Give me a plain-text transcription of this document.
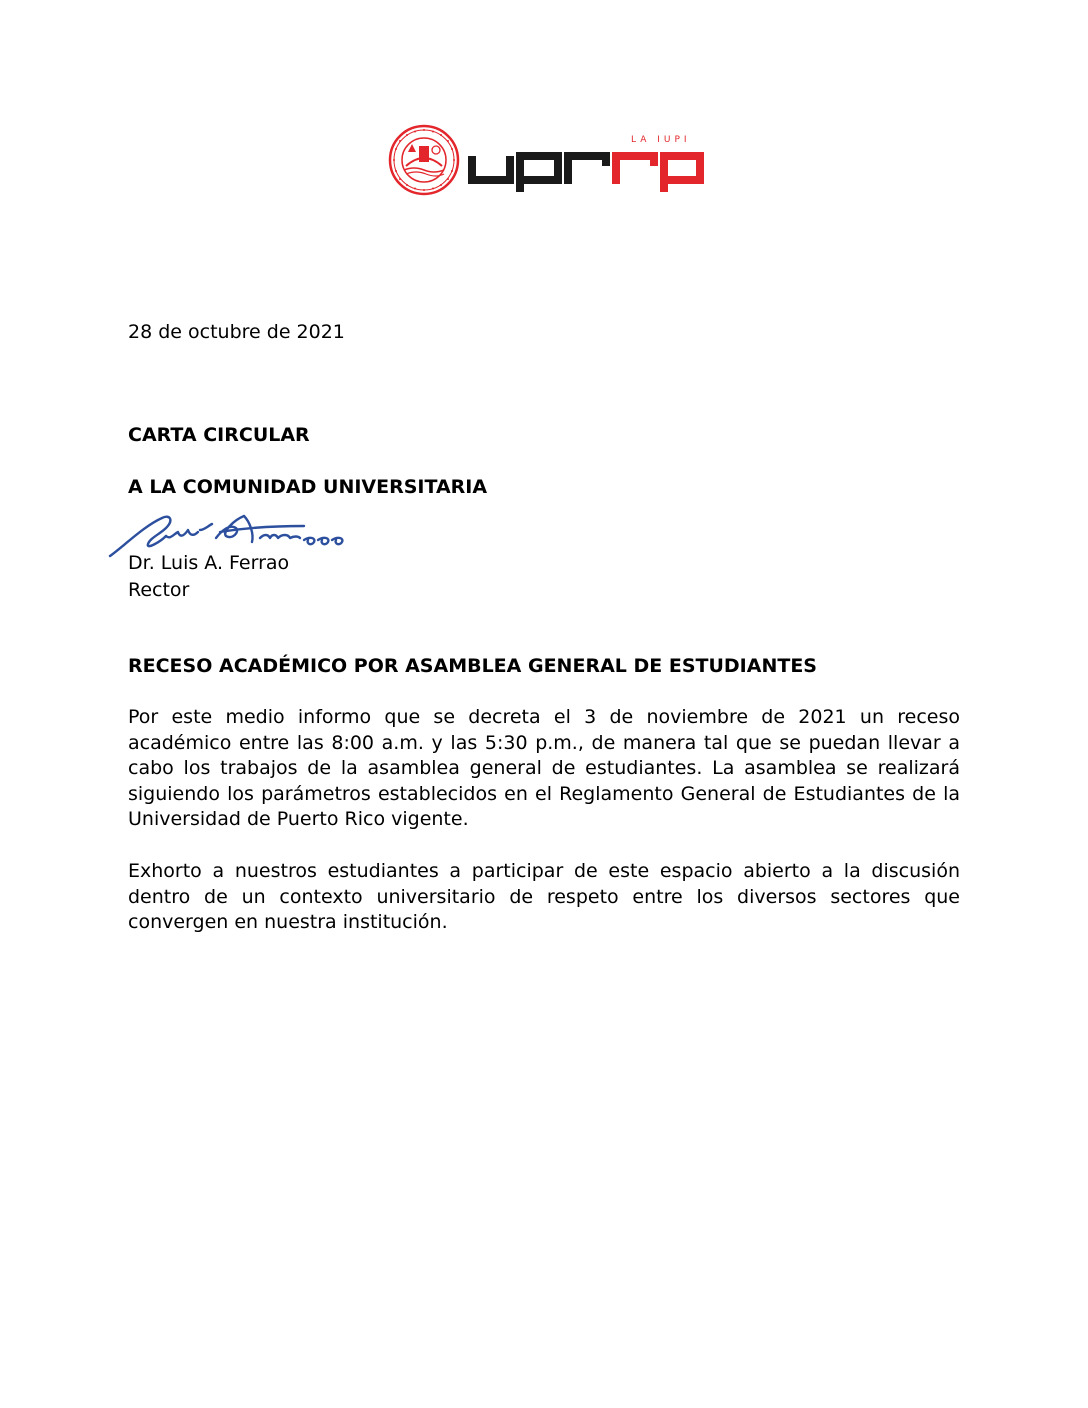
LA IUPI
28 de octubre de 2021
CARTA CIRCULAR
A LA COMUNIDAD UNIVERSITARIA
Dr. Luis A. Ferrao
Rector
RECESO ACADÉMICO POR ASAMBLEA GENERAL DE ESTUDIANTES
Por este medio informo que se decreta el 3 de noviembre de 2021 un receso académico entre las 8:00 a.m. y las 5:30 p.m., de manera tal que se puedan llevar a cabo los trabajos de la asamblea general de estudiantes. La asamblea se realizará siguiendo los parámetros establecidos en el Reglamento General de Estudiantes de la Universidad de Puerto Rico vigente.
Exhorto a nuestros estudiantes a participar de este espacio abierto a la discusión dentro de un contexto universitario de respeto entre los diversos sectores que convergen en nuestra institución.
